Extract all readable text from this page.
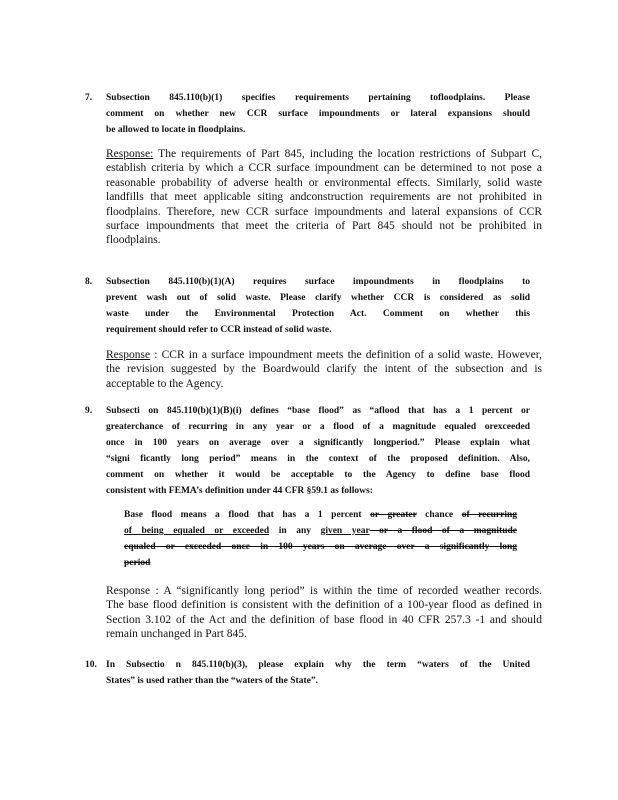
7. Subsection 845.110(b)(1) specifies requirements pertaining tofloodplains. Please
comment on whether new CCR surface impoundments or lateral expansions should
be allowed to locate in floodplains.
Response: The requirements of Part 845, including the location restrictions of Subpart C,
establish criteria by which a CCR surface impoundment can be determined to not pose a
reasonable probability of adverse health or environmental effects. Similarly, solid waste
landfills that meet applicable siting andconstruction requirements are not prohibited in
floodplains. Therefore, new CCR surface impoundments and lateral expansions of CCR
surface impoundments that meet the criteria of Part 845 should not be prohibited in
floodplains.
8. Subsection 845.110(b)(1)(A) requires surface impoundments in floodplains to
prevent wash out of solid waste. Please clarify whether CCR is considered as solid
waste under the Environmental Protection Act. Comment on whether this
requirement should refer to CCR instead of solid waste.
Response : CCR in a surface impoundment meets the definition of a solid waste. However,
the revision suggested by the Boardwould clarify the intent of the subsection and is
acceptable to the Agency.
9. Subsecti on 845.110(b)(1)(B)(i) defines “base flood” as “aflood that has a 1 percent or
greaterchance of recurring in any year or a flood of a magnitude equaled orexceeded
once in 100 years on average over a significantly longperiod.” Please explain what
“signi ficantly long period” means in the context of the proposed definition. Also,
comment on whether it would be acceptable to the Agency to define base flood
consistent with FEMA’s definition under 44 CFR §59.1 as follows:
Base flood means a flood that has a 1 percent or greater chance of recurring
of being equaled or exceeded in any given year or a flood of a magnitude
equaled or exceeded once in 100 years on average over a significantly long
period
Response : A “significantly long period” is within the time of recorded weather records.
The base flood definition is consistent with the definition of a 100-year flood as defined in
Section 3.102 of the Act and the definition of base flood in 40 CFR 257.3 -1 and should
remain unchanged in Part 845.
10. In Subsectio n 845.110(b)(3), please explain why the term “waters of the United
States” is used rather than the “waters of the State”.
